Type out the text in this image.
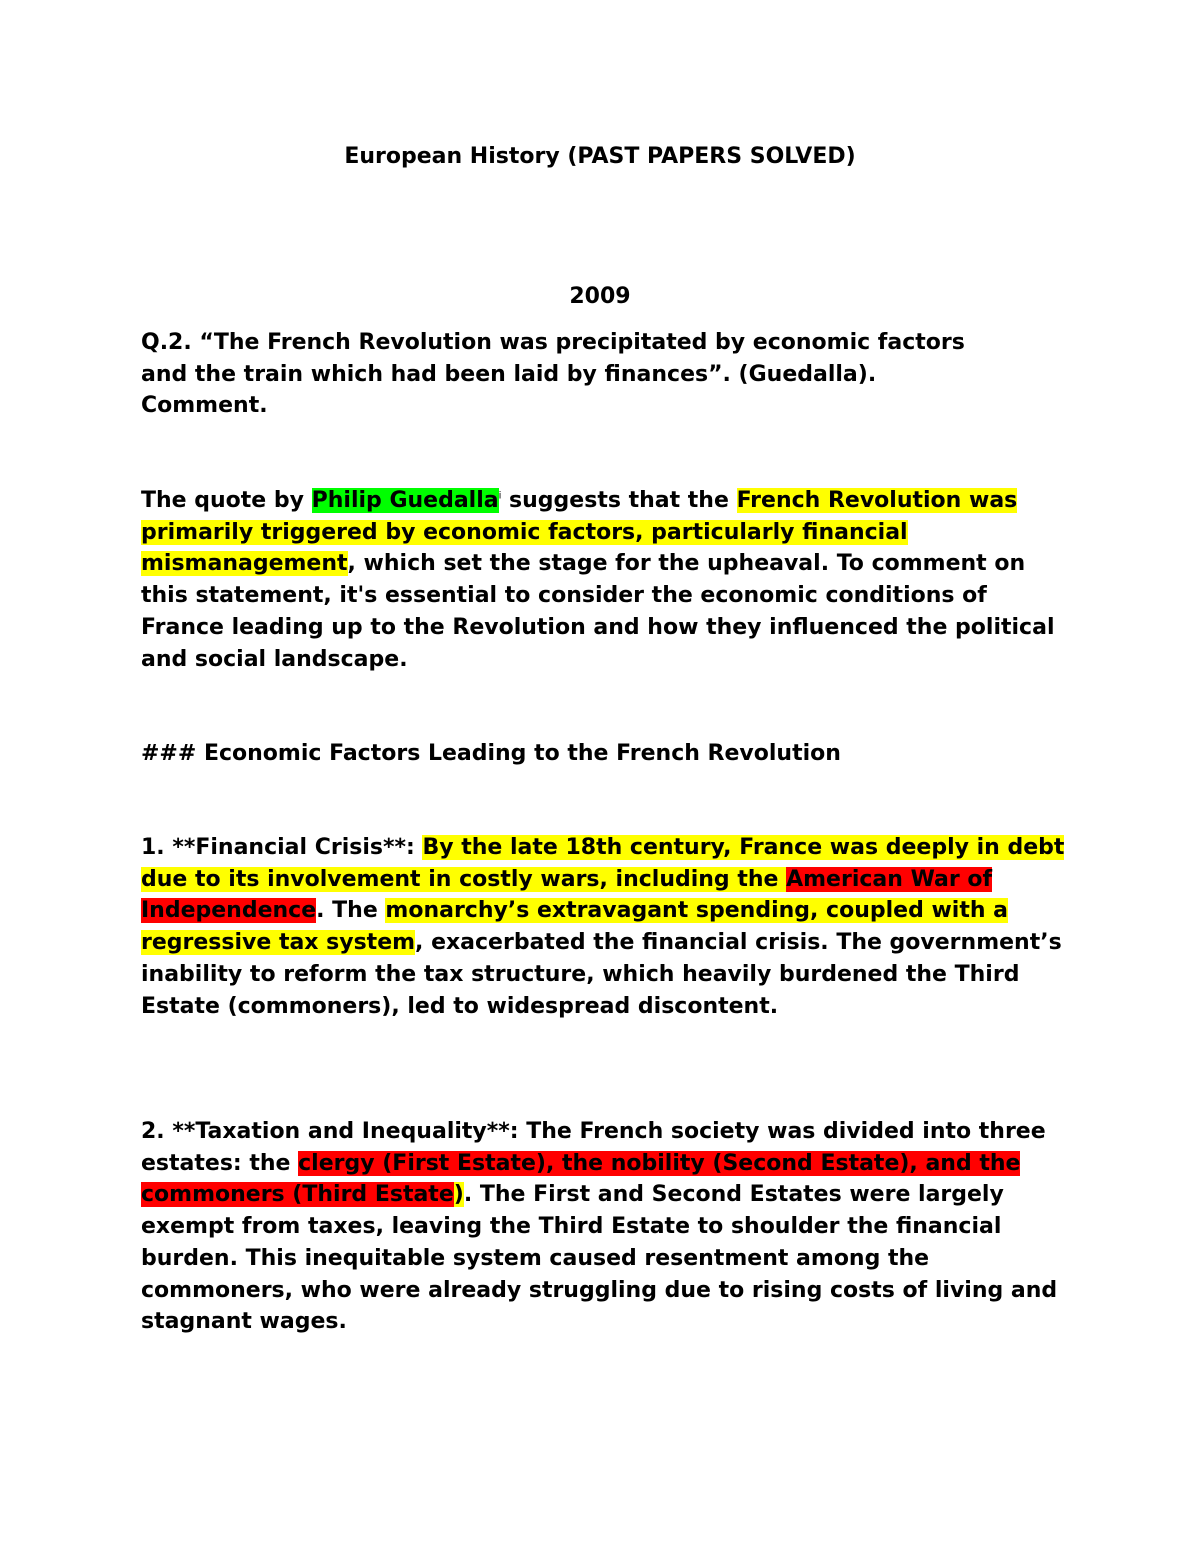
European History (PAST PAPERS SOLVED)

2009

Q.2. “The French Revolution was precipitated by economic factors
and the train which had been laid by finances”. (Guedalla).
Comment.

The quote by Philip Guedalla$^i$ suggests that the French Revolution was primarily triggered by economic factors, particularly financial mismanagement, which set the stage for the upheaval. To comment on this statement, it's essential to consider the economic conditions of France leading up to the Revolution and how they influenced the political and social landscape.

### Economic Factors Leading to the French Revolution

1. **Financial Crisis**: By the late 18th century, France was deeply in debt due to its involvement in costly wars, including the American War of Independence. The monarchy’s extravagant spending, coupled with a regressive tax system, exacerbated the financial crisis. The government’s inability to reform the tax structure, which heavily burdened the Third Estate (commoners), led to widespread discontent.

2. **Taxation and Inequality**: The French society was divided into three estates: the clergy (First Estate), the nobility (Second Estate), and the commoners (Third Estate). The First and Second Estates were largely exempt from taxes, leaving the Third Estate to shoulder the financial burden. This inequitable system caused resentment among the commoners, who were already struggling due to rising costs of living and stagnant wages.
